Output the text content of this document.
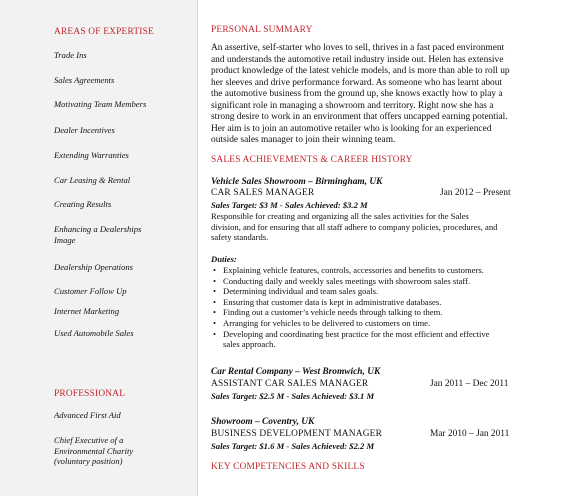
AREAS OF EXPERTISE
Trade Ins
Sales Agreements
Motivating Team Members
Dealer Incentives
Extending Warranties
Car Leasing & Rental
Creating Results
Enhancing a Dealerships
Image
Dealership Operations
Customer Follow Up
Internet Marketing
Used Automobile Sales
PROFESSIONAL
Advanced First Aid
Chief Executive of a
Environmental Charity
(voluntary position)
PERSONAL SUMMARY
An assertive, self-starter who loves to sell, thrives in a fast paced environment
and understands the automotive retail industry inside out. Helen has extensive
product knowledge of the latest vehicle models, and is more than able to roll up
her sleeves and drive performance forward. As someone who has learnt about
the automotive business from the ground up, she knows exactly how to play a
significant role in managing a showroom and territory. Right now she has a
strong desire to work in an environment that offers uncapped earning potential.
Her aim is to join an automotive retailer who is looking for an experienced
outside sales manager to join their winning team.
SALES ACHIEVEMENTS & CAREER HISTORY
Vehicle Sales Showroom – Birmingham, UK
CAR SALES MANAGER	Jan 2012 – Present
Sales Target: $3 M - Sales Achieved: $3.2 M
Responsible for creating and organizing all the sales activities for the Sales
division, and for ensuring that all staff adhere to company policies, procedures, and
safety standards.
Duties:
• Explaining vehicle features, controls, accessories and benefits to customers.
• Conducting daily and weekly sales meetings with showroom sales staff.
• Determining individual and team sales goals.
• Ensuring that customer data is kept in administrative databases.
• Finding out a customer’s vehicle needs through talking to them.
• Arranging for vehicles to be delivered to customers on time.
• Developing and coordinating best practice for the most efficient and effective
sales approach.
Car Rental Company – West Bromwich, UK
ASSISTANT CAR SALES MANAGER	Jan 2011 – Dec 2011
Sales Target: $2.5 M - Sales Achieved: $3.1 M
Showroom – Coventry, UK
BUSINESS DEVELOPMENT MANAGER	Mar 2010 – Jan 2011
Sales Target: $1.6 M - Sales Achieved: $2.2 M
KEY COMPETENCIES AND SKILLS
